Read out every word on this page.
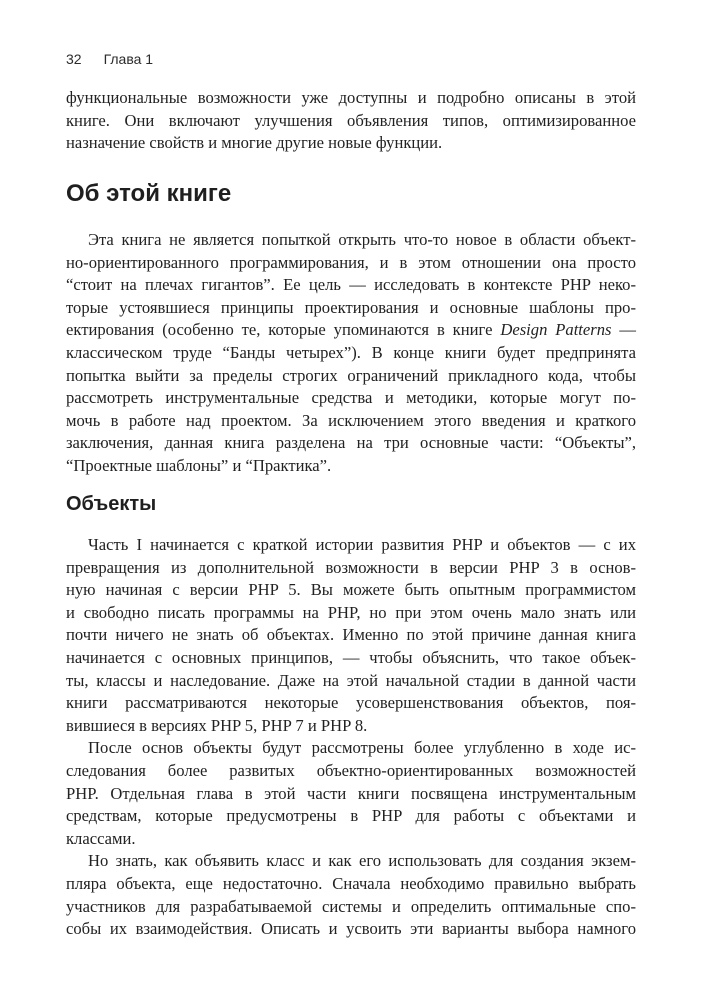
32 Глава 1
функциональные возможности уже доступны и подробно описаны в этой
книге. Они включают улучшения объявления типов, оптимизированное
назначение свойств и многие другие новые функции.
Об этой книге
Эта книга не является попыткой открыть что-то новое в области объект-
но-ориентированного программирования, и в этом отношении она просто
“стоит на плечах гигантов”. Ее цель — исследовать в контексте PHP неко-
торые устоявшиеся принципы проектирования и основные шаблоны про-
ектирования (особенно те, которые упоминаются в книге Design Patterns —
классическом труде “Банды четырех”). В конце книги будет предпринята
попытка выйти за пределы строгих ограничений прикладного кода, чтобы
рассмотреть инструментальные средства и методики, которые могут по-
мочь в работе над проектом. За исключением этого введения и краткого
заключения, данная книга разделена на три основные части: “Объекты”,
“Проектные шаблоны” и “Практика”.
Объекты
Часть I начинается с краткой истории развития PHP и объектов — с их
превращения из дополнительной возможности в версии PHP 3 в основ-
ную начиная с версии PHP 5. Вы можете быть опытным программистом
и свободно писать программы на PHP, но при этом очень мало знать или
почти ничего не знать об объектах. Именно по этой причине данная книга
начинается с основных принципов, — чтобы объяснить, что такое объек-
ты, классы и наследование. Даже на этой начальной стадии в данной части
книги рассматриваются некоторые усовершенствования объектов, поя-
вившиеся в версиях PHP 5, PHP 7 и PHP 8.
После основ объекты будут рассмотрены более углубленно в ходе ис-
следования более развитых объектно-ориентированных возможностей
PHP. Отдельная глава в этой части книги посвящена инструментальным
средствам, которые предусмотрены в PHP для работы с объектами и
классами.
Но знать, как объявить класс и как его использовать для создания экзем-
пляра объекта, еще недостаточно. Сначала необходимо правильно выбрать
участников для разрабатываемой системы и определить оптимальные спо-
собы их взаимодействия. Описать и усвоить эти варианты выбора намного
